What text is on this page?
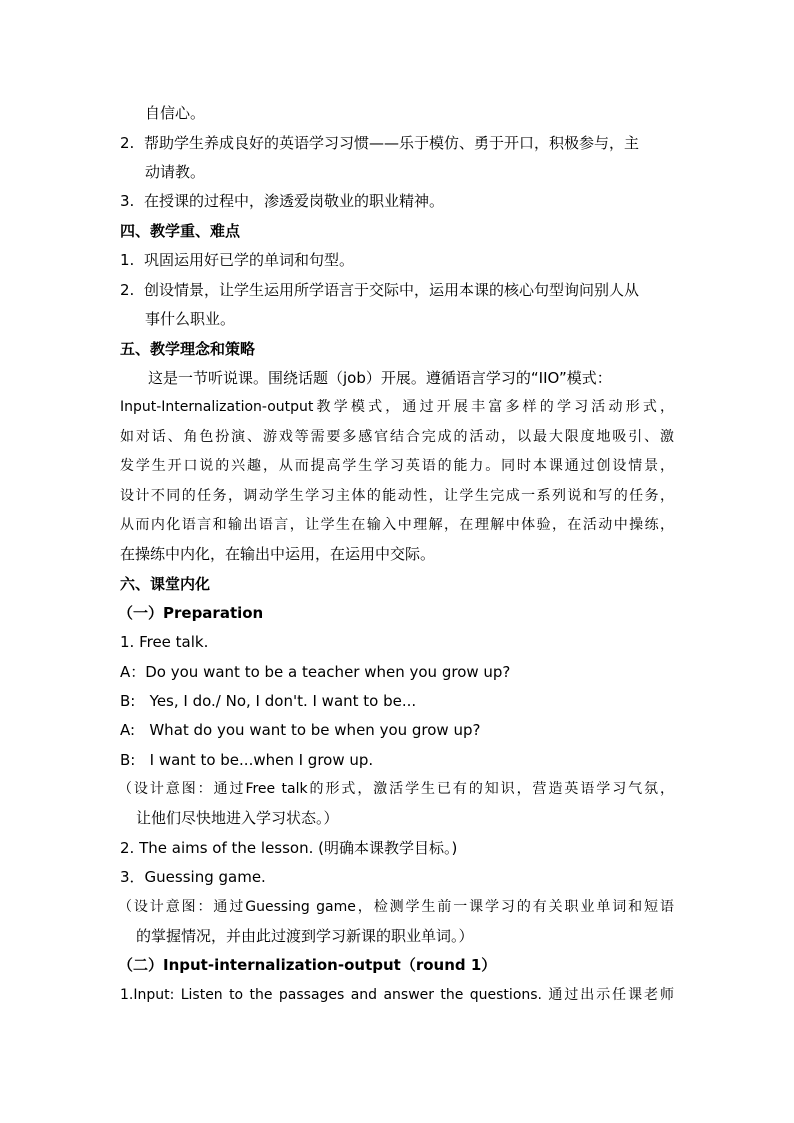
自信心。
2. 帮助学生养成良好的英语学习习惯——乐于模仿、勇于开口，积极参与，主
动请教。
3. 在授课的过程中，渗透爱岗敬业的职业精神。
四、教学重、难点
1. 巩固运用好已学的单词和句型。
2. 创设情景，让学生运用所学语言于交际中，运用本课的核心句型询问别人从
事什么职业。
五、教学理念和策略
这是一节听说课。围绕话题（job）开展。遵循语言学习的“IIO”模式：
Input-Internalization-output教学模式，通过开展丰富多样的学习活动形式，
如对话、角色扮演、游戏等需要多感官结合完成的活动，以最大限度地吸引、激
发学生开口说的兴趣，从而提高学生学习英语的能力。同时本课通过创设情景，
设计不同的任务，调动学生学习主体的能动性，让学生完成一系列说和写的任务，
从而内化语言和输出语言，让学生在输入中理解，在理解中体验，在活动中操练，
在操练中内化，在输出中运用，在运用中交际。
六、课堂内化
（一）Preparation
1. Free talk.
A：Do you want to be a teacher when you grow up?
B:   Yes, I do./ No, I don't. I want to be...
A:   What do you want to be when you grow up?
B:   I want to be...when I grow up.
（设计意图：通过Free talk的形式，激活学生已有的知识，营造英语学习气氛，
让他们尽快地进入学习状态。）
2. The aims of the lesson. (明确本课教学目标。)
3．Guessing game.
（设计意图：通过Guessing game，检测学生前一课学习的有关职业单词和短语
的掌握情况，并由此过渡到学习新课的职业单词。）
（二）Input-internalization-output（round 1）
1.Input: Listen to the passages and answer the questions. 通过出示任课老师
